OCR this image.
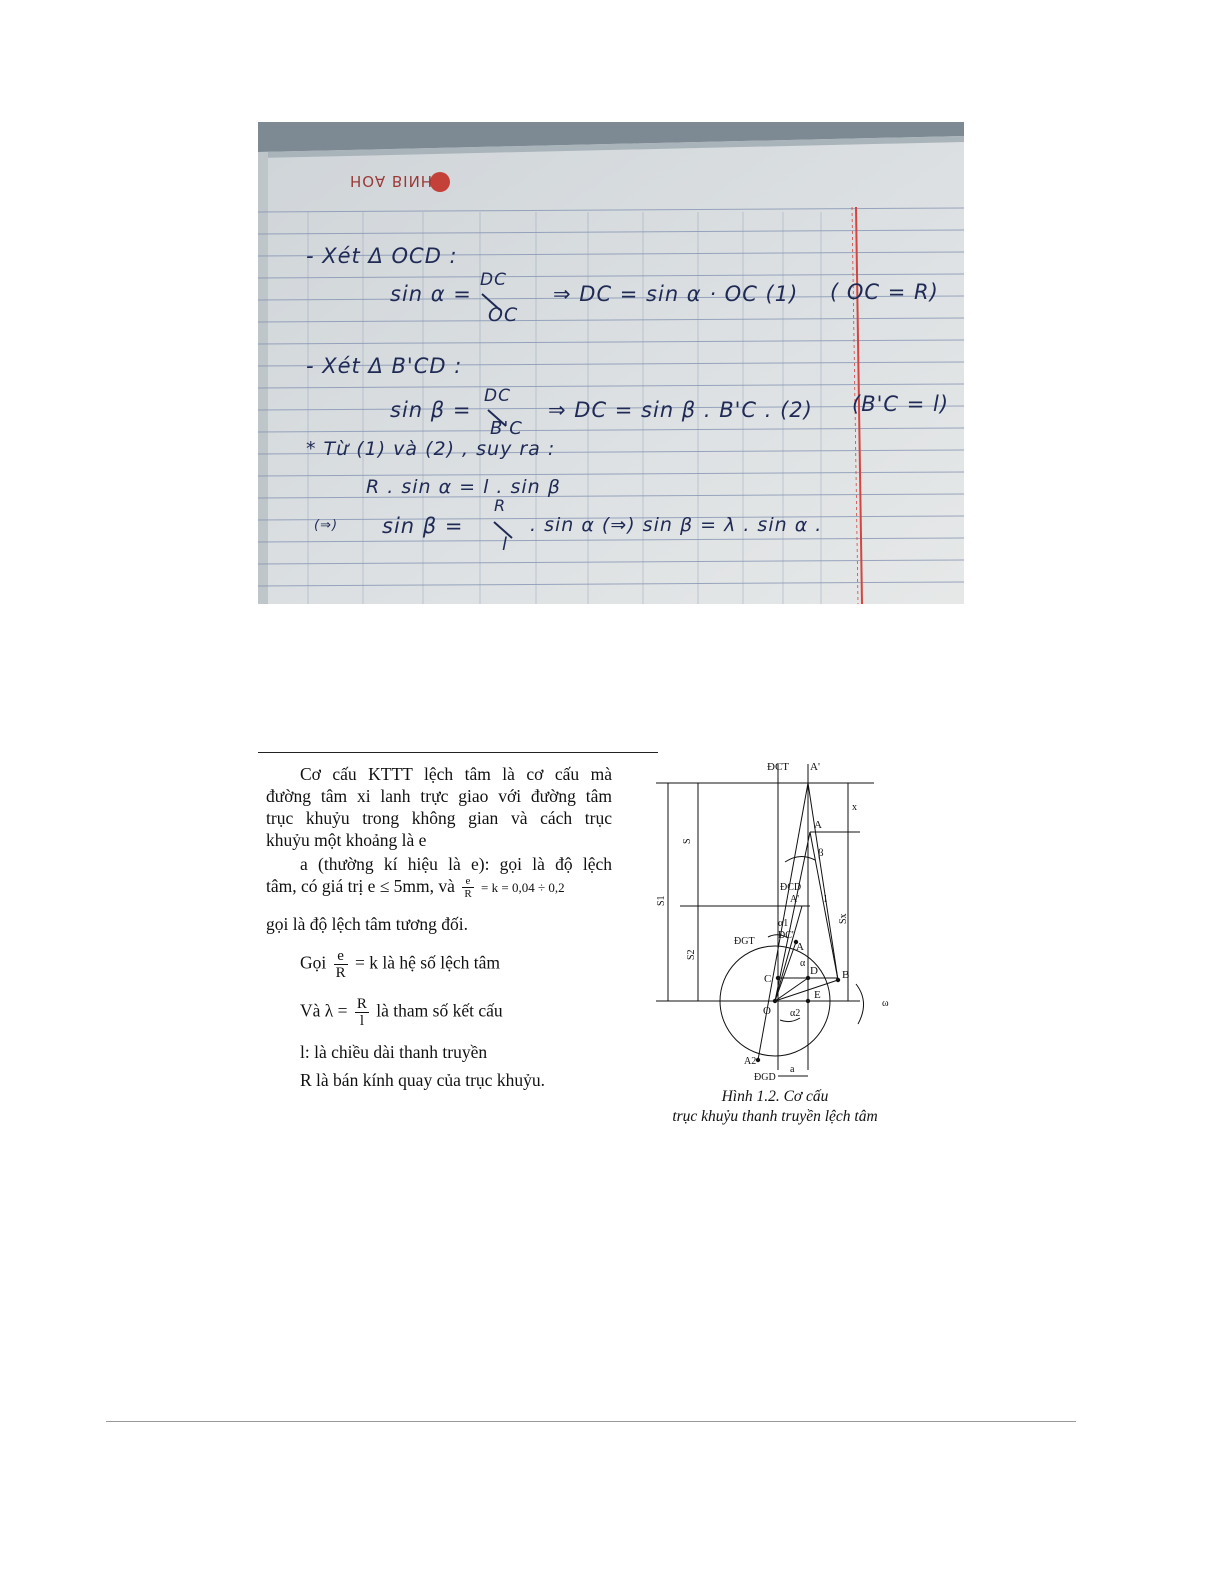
HOA BINH
- Xét Δ OCD :
sin α =
DC
OC
⇒ DC = sin α · OC (1) ( OC = R)
- Xét Δ B'CD :
sin β =
DC
B'C
⇒ DC = sin β . B'C . (2) (B'C = l)
* Từ (1) và (2) , suy ra :
R . sin α = l . sin β
(⇒) sin β =
R
l
. sin α (⇒) sin β = λ . sin α .
Cơ cấu KTTT lệch tâm là cơ cấu mà
đường tâm xi lanh trực giao với đường tâm
trục khuỷu trong không gian và cách trục
khuỷu một khoảng là e
a (thường kí hiệu là e): gọi là độ lệch
tâm, có giá trị e ≤ 5mm, và $\frac{e}{R} = k = 0,04 \div 0,2$
gọi là độ lệch tâm tương đối.
Gọi $\frac{e}{R} = k$ là hệ số lệch tâm
Và $\lambda = \frac{R}{l}$ là tham số kết cấu
l: là chiều dài thanh truyền
R là bán kính quay của trục khuỷu.
ĐCT A'
x
A
S
β
S1
ĐCD
A' l
Sx
α1
ĐGT
ĐC'
A
S2
α
C
D B
E
O α2
ω
A2
ĐGD
a
Hình 1.2. Cơ cấu
trục khuỷu thanh truyền lệch tâm
